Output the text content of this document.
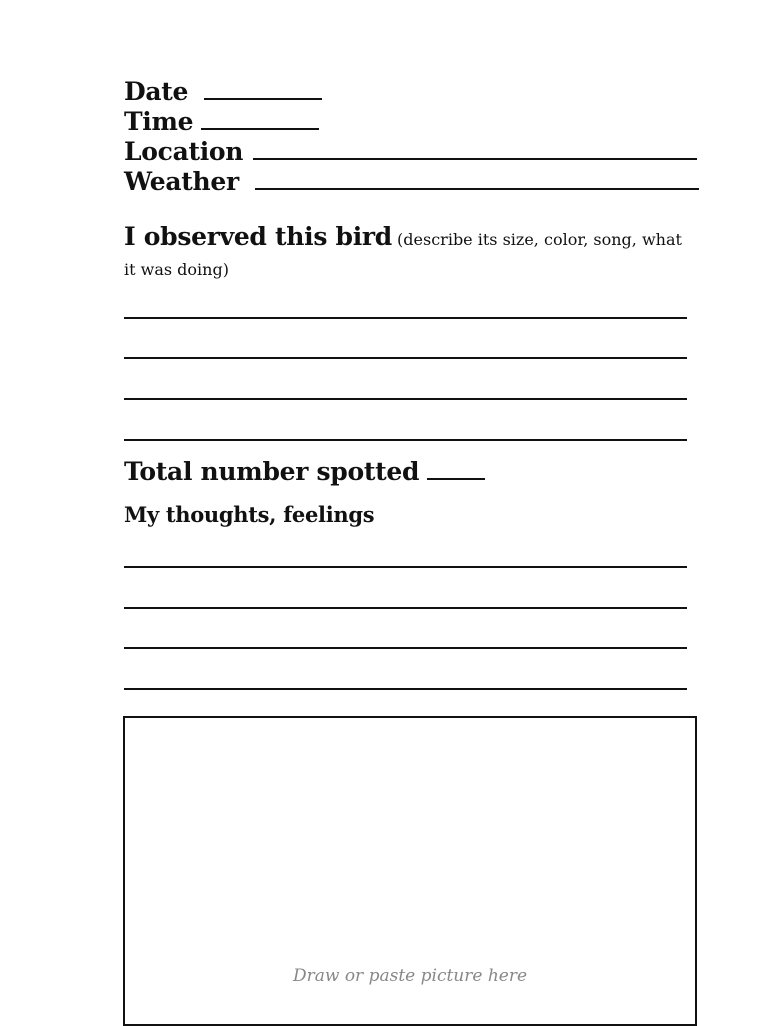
Date
Time
Location
Weather
I observed this bird (describe its size, color, song, what it was doing)
Total number spotted
My thoughts, feelings
Draw or paste picture here
